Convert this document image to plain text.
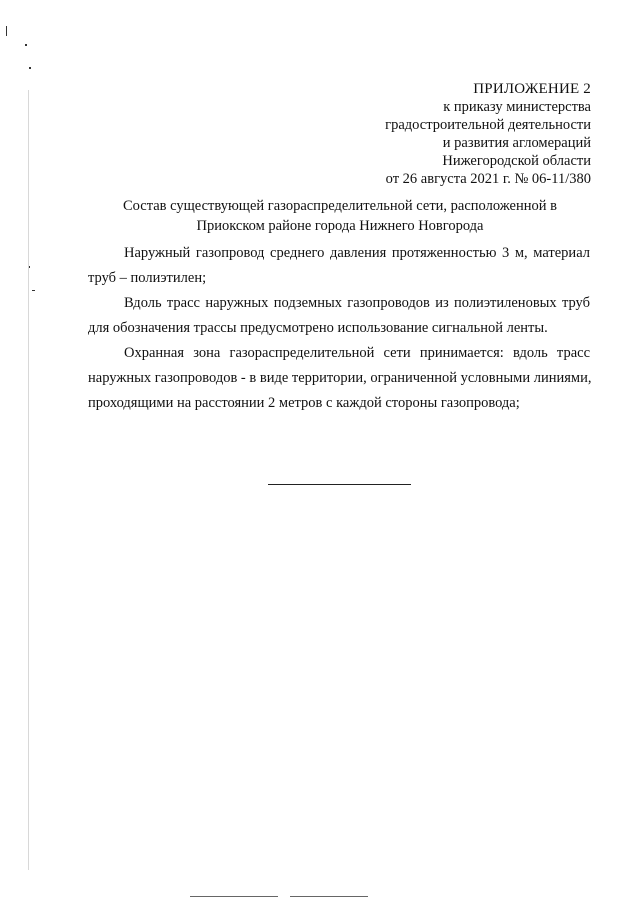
ПРИЛОЖЕНИЕ 2
к приказу министерства
градостроительной деятельности
и развития агломераций
Нижегородской области
от 26 августа 2021 г. № 06-11/380
Состав существующей газораспределительной сети, расположенной в
Приокском районе города Нижнего Новгорода

Наружный газопровод среднего давления протяженностью 3 м, материал
труб – полиэтилен;

Вдоль трасс наружных подземных газопроводов из полиэтиленовых труб
для обозначения трассы предусмотрено использование сигнальной ленты.

Охранная зона газораспределительной сети принимается: вдоль трасс
наружных газопроводов - в виде территории, ограниченной условными линиями,
проходящими на расстоянии 2 метров с каждой стороны газопровода;
